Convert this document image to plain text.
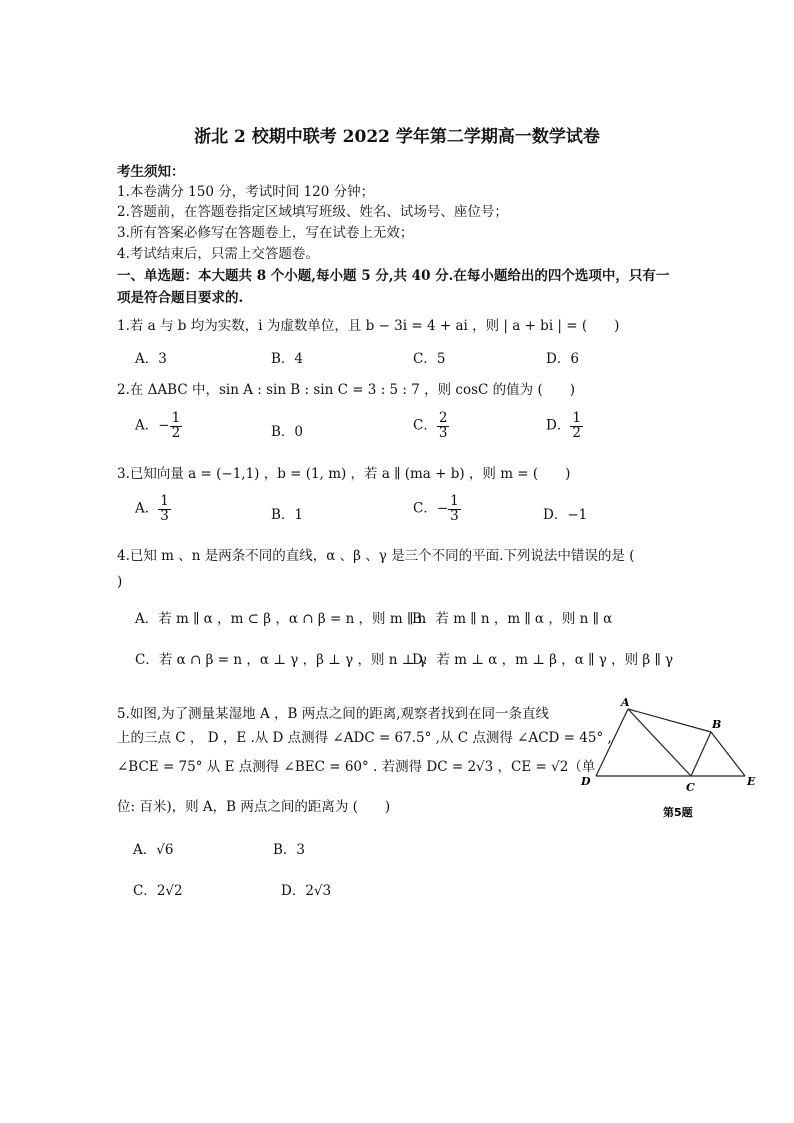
浙北 2 校期中联考 2022 学年第二学期高一数学试卷
考生须知：
1.本卷满分 150 分，考试时间 120 分钟；
2.答题前，在答题卷指定区域填写班级、姓名、试场号、座位号；
3.所有答案必修写在答题卷上，写在试卷上无效；
4.考试结束后，只需上交答题卷。
一、单选题：本大题共 8 个小题,每小题 5 分,共 40 分.在每小题给出的四个选项中，只有一
项是符合题目要求的.
1.若 a 与 b 均为实数，i 为虚数单位，且 b − 3i = 4 + ai ，则 | a + bi | = (　　)
A．3	B．4	C．5	D．6
2.在 ΔABC 中，sin A : sin B : sin C = 3 : 5 : 7 ，则 cosC 的值为 (　　)
A．− $\frac{1}{2}$	B．0	C． $\frac{2}{3}$	D． $\frac{1}{2}$
3.已知向量 a = (−1,1) ，b = (1, m) ，若 a ∥ (ma + b) ，则 m = (　　)
A． $\frac{1}{3}$	B．1	C．− $\frac{1}{3}$	D．−1
4.已知 m 、n 是两条不同的直线，α 、β 、γ 是三个不同的平面.下列说法中错误的是 (
)
A．若 m ∥ α ，m ⊂ β ，α ∩ β = n ，则 m ∥ n
B．若 m ∥ n ，m ∥ α ，则 n ∥ α
C．若 α ∩ β = n ，α ⊥ γ ，β ⊥ γ ，则 n ⊥ γ
D．若 m ⊥ α ，m ⊥ β ，α ∥ γ ，则 β ∥ γ
5.如图,为了测量某湿地 A ，B 两点之间的距离,观察者找到在同一条直线
上的三点 C ， D ，E .从 D 点测得 ∠ADC = 67.5° ,从 C 点测得 ∠ACD = 45° ,
∠BCE = 75° 从 E 点测得 ∠BEC = 60° . 若测得 DC = 2√3 ，CE = √2（单
位: 百米)，则 A，B 两点之间的距离为 (　　)
A．√6	B．3
C．2√2	D．2√3
A
B
C
D	E
第5题
